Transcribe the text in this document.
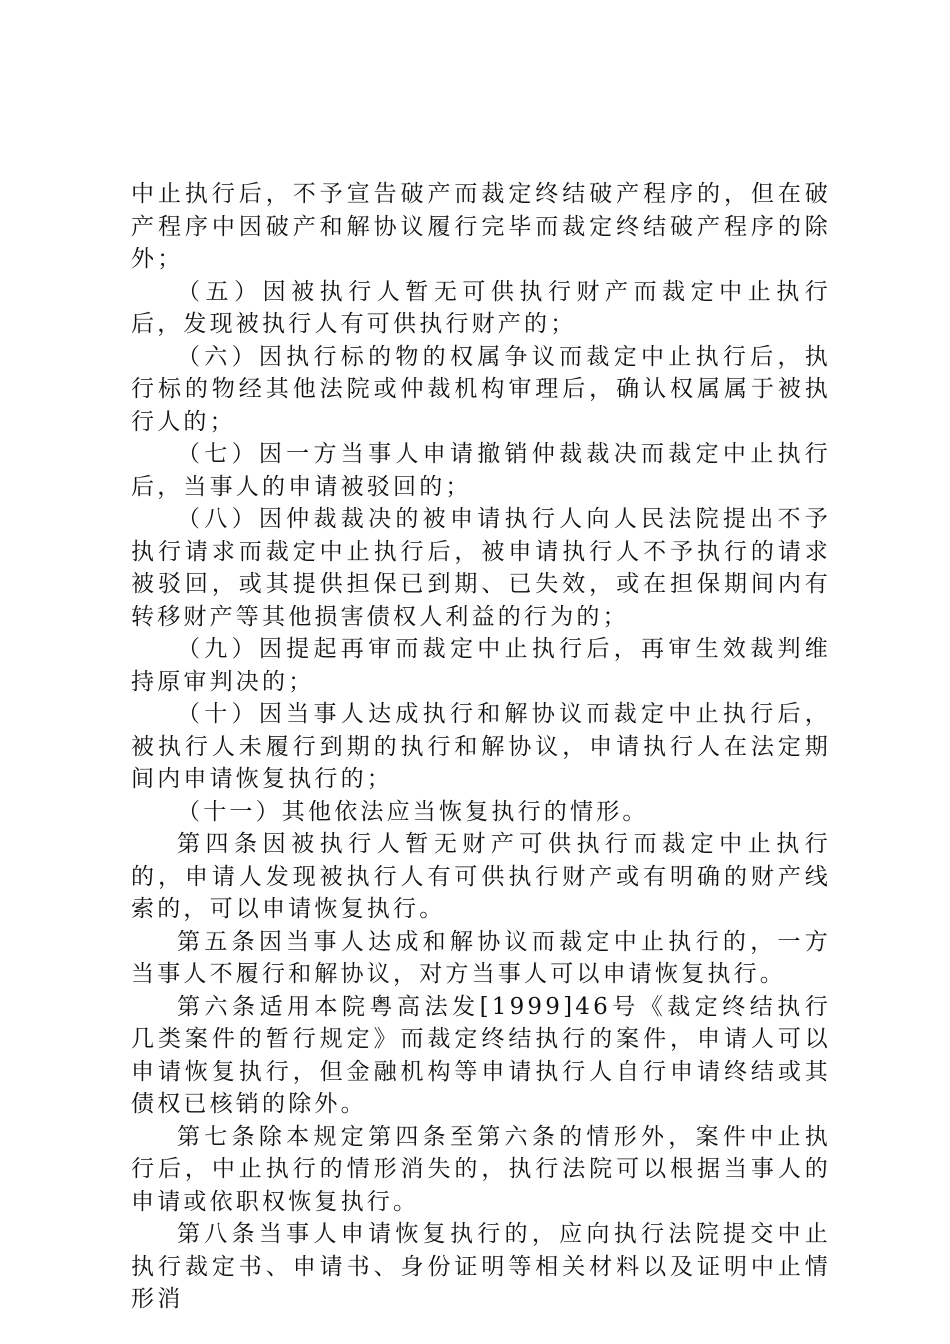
中止执行后，不予宣告破产而裁定终结破产程序的，但在破产程序中因破产和解协议履行完毕而裁定终结破产程序的除外；

（五）因被执行人暂无可供执行财产而裁定中止执行后，发现被执行人有可供执行财产的；

（六）因执行标的物的权属争议而裁定中止执行后，执行标的物经其他法院或仲裁机构审理后，确认权属属于被执行人的；

（七）因一方当事人申请撤销仲裁裁决而裁定中止执行后，当事人的申请被驳回的；

（八）因仲裁裁决的被申请执行人向人民法院提出不予执行请求而裁定中止执行后，被申请执行人不予执行的请求被驳回，或其提供担保已到期、已失效，或在担保期间内有转移财产等其他损害债权人利益的行为的；

（九）因提起再审而裁定中止执行后，再审生效裁判维持原审判决的；

（十）因当事人达成执行和解协议而裁定中止执行后，被执行人未履行到期的执行和解协议，申请执行人在法定期间内申请恢复执行的；

（十一）其他依法应当恢复执行的情形。

第四条因被执行人暂无财产可供执行而裁定中止执行的，申请人发现被执行人有可供执行财产或有明确的财产线索的，可以申请恢复执行。

第五条因当事人达成和解协议而裁定中止执行的，一方当事人不履行和解协议，对方当事人可以申请恢复执行。

第六条适用本院粤高法发[1999]46号《裁定终结执行几类案件的暂行规定》而裁定终结执行的案件，申请人可以申请恢复执行，但金融机构等申请执行人自行申请终结或其债权已核销的除外。

第七条除本规定第四条至第六条的情形外，案件中止执行后，中止执行的情形消失的，执行法院可以根据当事人的申请或依职权恢复执行。

第八条当事人申请恢复执行的，应向执行法院提交中止执行裁定书、申请书、身份证明等相关材料以及证明中止情形消
